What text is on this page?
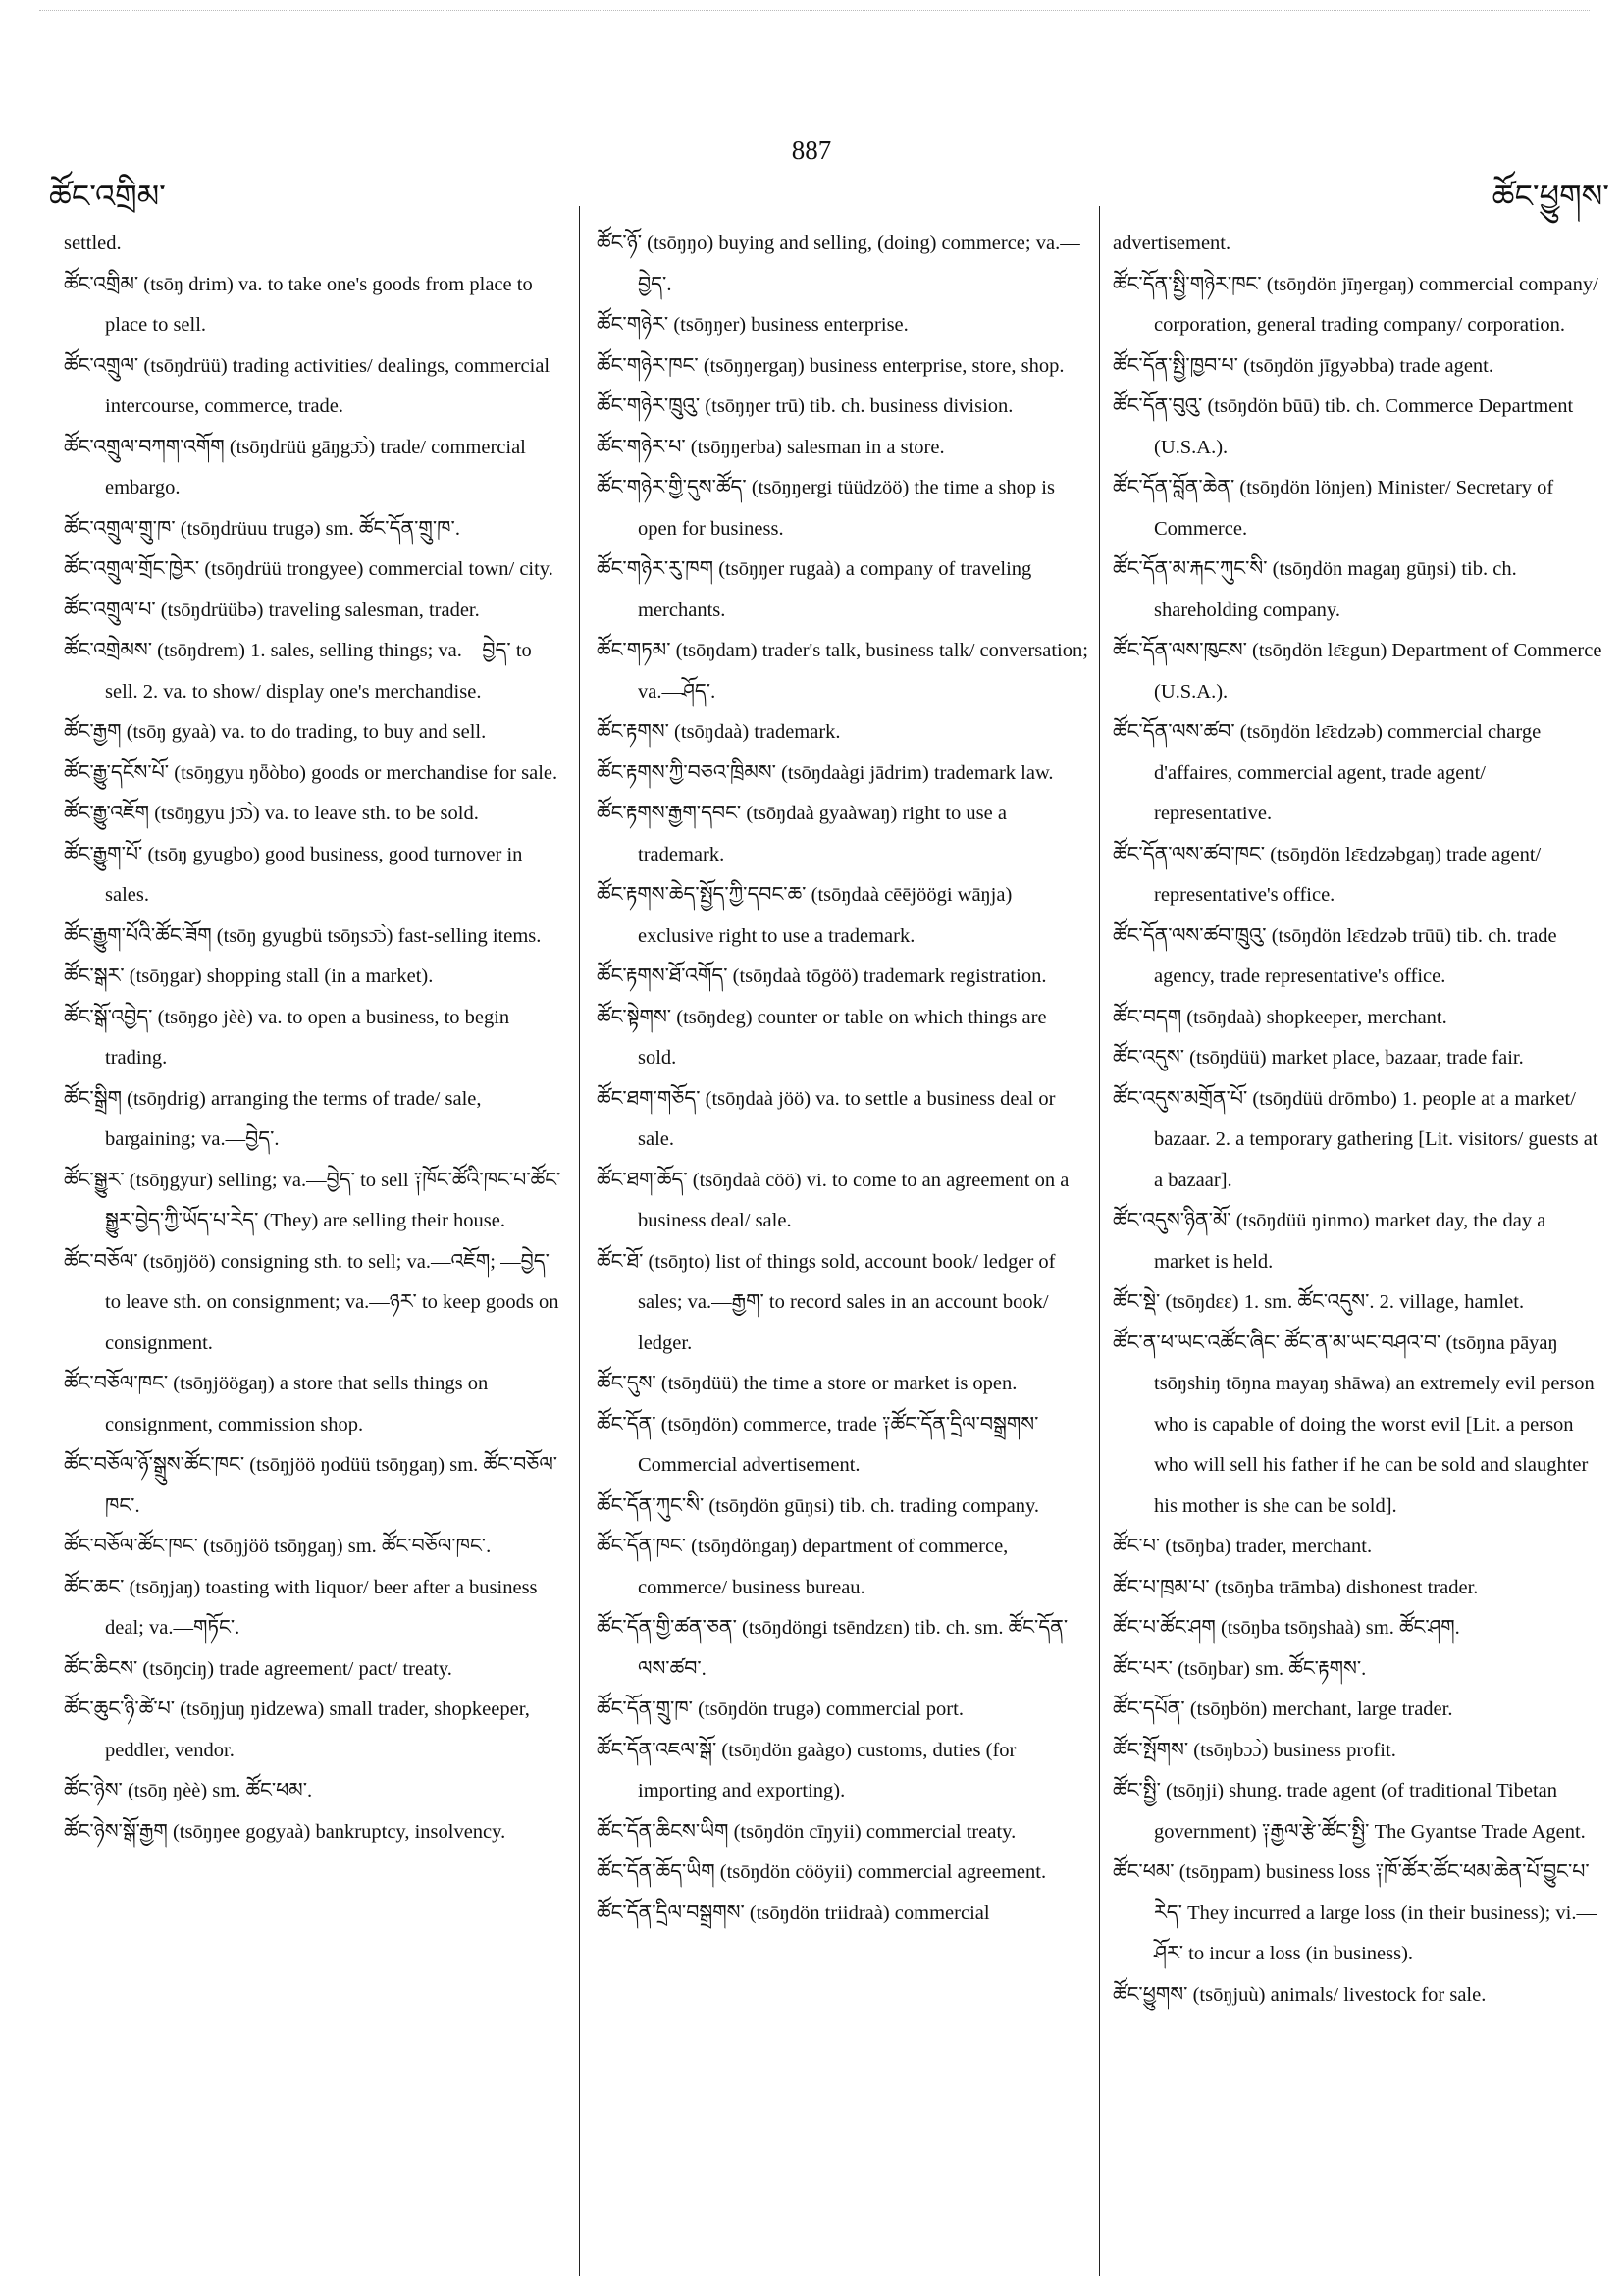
ཚོང་འགྲིམ་
887
ཚོང་ཕྱུགས་

settled.

ཚོང་འགྲིམ་ (tsōŋ drim) va. to take one's goods from place to place to sell.

ཚོང་འགྲུལ་ (tsōŋdrüü) trading activities/ dealings, commercial intercourse, commerce, trade.

ཚོང་འགྲུལ་བཀག་འགོག (tsōŋdrüü gāŋgɔ̄ɔ̀) trade/ commercial embargo.

ཚོང་འགྲུལ་གྲུ་ཁ་ (tsōŋdrüuu trugə) sm. ཚོང་དོན་གྲུ་ཁ་.

ཚོང་འགྲུལ་གྲོང་ཁྱེར་ (tsōŋdrüü trongyee) commercial town/ city.

ཚོང་འགྲུལ་པ་ (tsōŋdrüübə) traveling salesman, trader.

ཚོང་འགྲེམས་ (tsōŋdrem) 1. sales, selling things; va.—བྱེད་ to sell. 2. va. to show/ display one's merchandise.

ཚོང་རྒྱག (tsōŋ gyaà) va. to do trading, to buy and sell.

ཚོང་རྒྱུ་དངོས་པོ་ (tsōŋgyu ŋȫòbo) goods or merchandise for sale.

ཚོང་རྒྱུ་འཇོག (tsōŋgyu jɔ̄ɔ̀) va. to leave sth. to be sold.

ཚོང་རྒྱུག་པོ་ (tsōŋ gyugbo) good business, good turnover in sales.

ཚོང་རྒྱུག་པོའི་ཚོང་ཟོག (tsōŋ gyugbü tsōŋsɔ̄ɔ̀) fast-selling items.

ཚོང་སྒར་ (tsōŋgar) shopping stall (in a market).

ཚོང་སྒོ་འབྱེད་ (tsōŋgo jèè) va. to open a business, to begin trading.

ཚོང་སྒྲིག (tsōŋdrig) arranging the terms of trade/ sale, bargaining; va.—བྱེད་.

ཚོང་སྒྱུར་ (tsōŋgyur) selling; va.—བྱེད་ to sell ༑ཁོང་ཚོའི་ཁང་པ་ཚོང་སྒྱུར་བྱེད་ཀྱི་ཡོད་པ་རེད་ (They) are selling their house.

ཚོང་བཅོལ་ (tsōŋjöö) consigning sth. to sell; va.—འཇོག; —བྱེད་ to leave sth. on consignment; va.—ཉར་ to keep goods on consignment.

ཚོང་བཅོལ་ཁང་ (tsōŋjöögaŋ) a store that sells things on consignment, commission shop.

ཚོང་བཅོལ་ཉོ་སྒྲུས་ཚོང་ཁང་ (tsōŋjöö ŋodüü tsōŋgaŋ) sm. ཚོང་བཅོལ་ཁང་.

ཚོང་བཅོལ་ཚོང་ཁང་ (tsōŋjöö tsōŋgaŋ) sm. ཚོང་བཅོལ་ཁང་.

ཚོང་ཆང་ (tsōŋjaŋ) toasting with liquor/ beer after a business deal; va.—གཏོང་.

ཚོང་ཆིངས་ (tsōŋciŋ) trade agreement/ pact/ treaty.

ཚོང་ཆུང་ཉི་ཚེ་པ་ (tsōŋjuŋ ŋidzewa) small trader, shopkeeper, peddler, vendor.

ཚོང་ཉེས་ (tsōŋ ŋèè) sm. ཚོང་ཕམ་.

ཚོང་ཉེས་སྒོ་རྒྱག (tsōŋŋee gogyaà) bankruptcy, insolvency.

ཚོང་ཉོ་ (tsōŋŋo) buying and selling, (doing) commerce; va.—བྱེད་.

ཚོང་གཉེར་ (tsōŋŋer) business enterprise.

ཚོང་གཉེར་ཁང་ (tsōŋŋergaŋ) business enterprise, store, shop.

ཚོང་གཉེར་ཁྲུའུ་ (tsōŋŋer trū) tib. ch. business division.

ཚོང་གཉེར་པ་ (tsōŋŋerba) salesman in a store.

ཚོང་གཉེར་གྱི་དུས་ཚོད་ (tsōŋŋergi tüüdzöö) the time a shop is open for business.

ཚོང་གཉེར་རུ་ཁག (tsōŋŋer rugaà) a company of traveling merchants.

ཚོང་གཏམ་ (tsōŋdam) trader's talk, business talk/ conversation; va.—ཤོད་.

ཚོང་རྟགས་ (tsōŋdaà) trademark.

ཚོང་རྟགས་ཀྱི་བཅའ་ཁྲིམས་ (tsōŋdaàgi jādrim) trademark law.

ཚོང་རྟགས་རྒྱག་དབང་ (tsōŋdaà gyaàwaŋ) right to use a trademark.

ཚོང་རྟགས་ཆེད་སྤྱོད་ཀྱི་དབང་ཆ་ (tsōŋdaà cēējöögi wāŋja) exclusive right to use a trademark.

ཚོང་རྟགས་ཐོ་འགོད་ (tsōŋdaà tōgöö) trademark registration.

ཚོང་སྟེགས་ (tsōŋdeg) counter or table on which things are sold.

ཚོང་ཐག་གཅོད་ (tsōŋdaà jöö) va. to settle a business deal or sale.

ཚོང་ཐག་ཆོད་ (tsōŋdaà cöö) vi. to come to an agreement on a business deal/ sale.

ཚོང་ཐོ་ (tsōŋto) list of things sold, account book/ ledger of sales; va.—རྒྱག་ to record sales in an account book/ ledger.

ཚོང་དུས་ (tsōŋdüü) the time a store or market is open.

ཚོང་དོན་ (tsōŋdön) commerce, trade ༑ཚོང་དོན་དྲིལ་བསྒྲགས་ Commercial advertisement.

ཚོང་དོན་ཀུང་སི་ (tsōŋdön gūŋsi) tib. ch. trading company.

ཚོང་དོན་ཁང་ (tsōŋdöngaŋ) department of commerce, commerce/ business bureau.

ཚོང་དོན་གྱི་ཚན་ཅན་ (tsōŋdöngi tsēndzɛn) tib. ch. sm. ཚོང་དོན་ལས་ཚབ་.

ཚོང་དོན་གྲུ་ཁ་ (tsōŋdön trugə) commercial port.

ཚོང་དོན་འཇལ་སྒོ་ (tsōŋdön gaàgo) customs, duties (for importing and exporting).

ཚོང་དོན་ཆིངས་ཡིག (tsōŋdön cīŋyii) commercial treaty.

ཚོང་དོན་ཆོད་ཡིག (tsōŋdön cööyii) commercial agreement.

ཚོང་དོན་དྲིལ་བསྒྲགས་ (tsōŋdön triidraà) commercial

advertisement.

ཚོང་དོན་སྤྱི་གཉེར་ཁང་ (tsōŋdön jīŋergaŋ) commercial company/ corporation, general trading company/ corporation.

ཚོང་དོན་སྤྱི་ཁྱབ་པ་ (tsōŋdön jīgyəbba) trade agent.

ཚོང་དོན་བུའུ་ (tsōŋdön būū) tib. ch. Commerce Department (U.S.A.).

ཚོང་དོན་བློན་ཆེན་ (tsōŋdön lönjen) Minister/ Secretary of Commerce.

ཚོང་དོན་མ་རྐང་ཀུང་སི་ (tsōŋdön magaŋ gūŋsi) tib. ch. shareholding company.

ཚོང་དོན་ལས་ཁུངས་ (tsōŋdön lɛ̄ɛgun) Department of Commerce (U.S.A.).

ཚོང་དོན་ལས་ཚབ་ (tsōŋdön lɛ̄ɛdzəb) commercial charge d'affaires, commercial agent, trade agent/ representative.

ཚོང་དོན་ལས་ཚབ་ཁང་ (tsōŋdön lɛ̄ɛdzəbgaŋ) trade agent/ representative's office.

ཚོང་དོན་ལས་ཚབ་ཁྲུའུ་ (tsōŋdön lɛ̄ɛdzəb trūū) tib. ch. trade agency, trade representative's office.

ཚོང་བདག (tsōŋdaà) shopkeeper, merchant.

ཚོང་འདུས་ (tsōŋdüü) market place, bazaar, trade fair.

ཚོང་འདུས་མགྲོན་པོ་ (tsōŋdüü drōmbo) 1. people at a market/ bazaar. 2. a temporary gathering [Lit. visitors/ guests at a bazaar].

ཚོང་འདུས་ཉིན་མོ་ (tsōŋdüü ŋinmo) market day, the day a market is held.

ཚོང་སྡེ་ (tsōŋdɛɛ) 1. sm. ཚོང་འདུས་. 2. village, hamlet.

ཚོང་ན་ཕ་ཡང་འཚོང་ཞིང་ ཚོང་ན་མ་ཡང་བཤའ་བ་ (tsōŋna pāyaŋ tsōŋshiŋ tōŋna mayaŋ shāwa) an extremely evil person who is capable of doing the worst evil [Lit. a person who will sell his father if he can be sold and slaughter his mother is she can be sold].

ཚོང་པ་ (tsōŋba) trader, merchant.

ཚོང་པ་ཁྲམ་པ་ (tsōŋba trāmba) dishonest trader.

ཚོང་པ་ཚོང་ཤག (tsōŋba tsōŋshaà) sm. ཚོང་ཤག.

ཚོང་པར་ (tsōŋbar) sm. ཚོང་རྟགས་.

ཚོང་དཔོན་ (tsōŋbön) merchant, large trader.

ཚོང་སྤོགས་ (tsōŋbɔɔ̀) business profit.

ཚོང་སྤྱི་ (tsōŋji) shung. trade agent (of traditional Tibetan government) ༑རྒྱལ་རྩེ་ཚོང་སྤྱི་ The Gyantse Trade Agent.

ཚོང་ཕམ་ (tsōŋpam) business loss ༑ཁོ་ཚོར་ཚོང་ཕམ་ཆེན་པོ་བྱུང་པ་རེད་ They incurred a large loss (in their business); vi.—ཤོར་ to incur a loss (in business).

ཚོང་ཕྱུགས་ (tsōŋjuù) animals/ livestock for sale.
